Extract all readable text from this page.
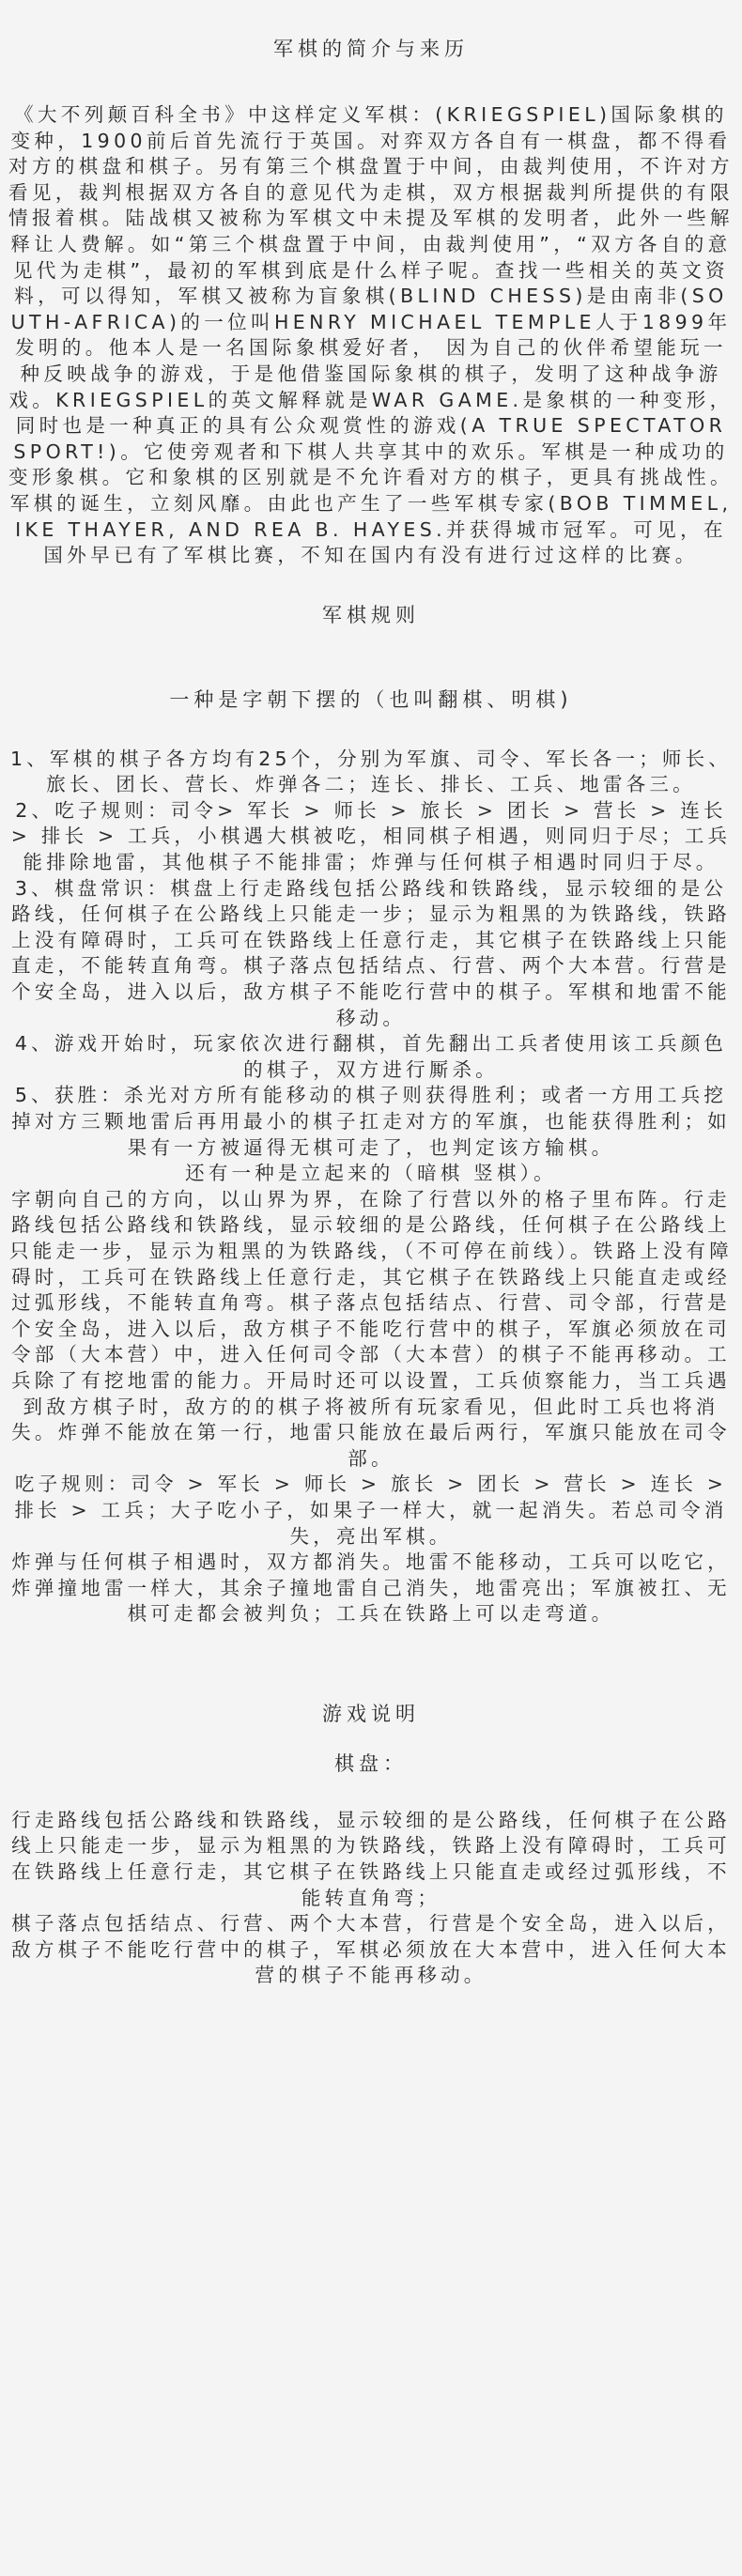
军棋的简介与来历

《大不列颠百科全书》中这样定义军棋：(KRIEGSPIEL)国际象棋的变种，1900前后首先流行于英国。对弈双方各自有一棋盘，都不得看对方的棋盘和棋子。另有第三个棋盘置于中间，由裁判使用，不许对方看见，裁判根据双方各自的意见代为走棋，双方根据裁判所提供的有限情报着棋。陆战棋又被称为军棋文中未提及军棋的发明者，此外一些解释让人费解。如“第三个棋盘置于中间，由裁判使用”，“双方各自的意见代为走棋”，最初的军棋到底是什么样子呢。查找一些相关的英文资料，可以得知，军棋又被称为盲象棋(BLIND CHESS)是由南非(SOUTH-AFRICA)的一位叫HENRY MICHAEL TEMPLE人于1899年发明的。他本人是一名国际象棋爱好者， 因为自己的伙伴希望能玩一种反映战争的游戏，于是他借鉴国际象棋的棋子，发明了这种战争游戏。KRIEGSPIEL的英文解释就是WAR GAME.是象棋的一种变形，同时也是一种真正的具有公众观赏性的游戏(A TRUE SPECTATOR SPORT!)。它使旁观者和下棋人共享其中的欢乐。军棋是一种成功的变形象棋。它和象棋的区别就是不允许看对方的棋子，更具有挑战性。

军棋的诞生，立刻风靡。由此也产生了一些军棋专家(BOB TIMMEL, IKE THAYER, AND REA B. HAYES.并获得城市冠军。可见，在国外早已有了军棋比赛，不知在国内有没有进行过这样的比赛。

军棋规则

一种是字朝下摆的（也叫翻棋、明棋)

1、军棋的棋子各方均有25个，分别为军旗、司令、军长各一；师长、旅长、团长、营长、炸弹各二；连长、排长、工兵、地雷各三。

2、吃子规则：司令> 军长 > 师长 > 旅长 > 团长 > 营长 > 连长 > 排长 > 工兵，小棋遇大棋被吃，相同棋子相遇，则同归于尽；工兵能排除地雷，其他棋子不能排雷；炸弹与任何棋子相遇时同归于尽。

3、棋盘常识：棋盘上行走路线包括公路线和铁路线，显示较细的是公路线，任何棋子在公路线上只能走一步；显示为粗黑的为铁路线，铁路上没有障碍时，工兵可在铁路线上任意行走，其它棋子在铁路线上只能直走，不能转直角弯。棋子落点包括结点、行营、两个大本营。行营是个安全岛，进入以后，敌方棋子不能吃行营中的棋子。军棋和地雷不能移动。

4、游戏开始时，玩家依次进行翻棋，首先翻出工兵者使用该工兵颜色的棋子，双方进行厮杀。

5、获胜：杀光对方所有能移动的棋子则获得胜利；或者一方用工兵挖掉对方三颗地雷后再用最小的棋子扛走对方的军旗，也能获得胜利；如果有一方被逼得无棋可走了，也判定该方输棋。

还有一种是立起来的（暗棋 竖棋）。

字朝向自己的方向，以山界为界，在除了行营以外的格子里布阵。行走路线包括公路线和铁路线，显示较细的是公路线，任何棋子在公路线上只能走一步，显示为粗黑的为铁路线，（不可停在前线）。铁路上没有障碍时，工兵可在铁路线上任意行走，其它棋子在铁路线上只能直走或经过弧形线，不能转直角弯。棋子落点包括结点、行营、司令部，行营是个安全岛，进入以后，敌方棋子不能吃行营中的棋子，军旗必须放在司令部（大本营）中，进入任何司令部（大本营）的棋子不能再移动。工兵除了有挖地雷的能力。开局时还可以设置，工兵侦察能力，当工兵遇到敌方棋子时，敌方的的棋子将被所有玩家看见，但此时工兵也将消失。炸弹不能放在第一行，地雷只能放在最后两行，军旗只能放在司令部。

吃子规则：司令 > 军长 > 师长 > 旅长 > 团长 > 营长 > 连长 > 排长 > 工兵；大子吃小子，如果子一样大，就一起消失。若总司令消失，亮出军棋。

炸弹与任何棋子相遇时，双方都消失。地雷不能移动，工兵可以吃它，炸弹撞地雷一样大，其余子撞地雷自己消失，地雷亮出；军旗被扛、无棋可走都会被判负；工兵在铁路上可以走弯道。

游戏说明

棋盘：

行走路线包括公路线和铁路线，显示较细的是公路线，任何棋子在公路线上只能走一步，显示为粗黑的为铁路线，铁路上没有障碍时，工兵可在铁路线上任意行走，其它棋子在铁路线上只能直走或经过弧形线，不能转直角弯；

棋子落点包括结点、行营、两个大本营，行营是个安全岛，进入以后，敌方棋子不能吃行营中的棋子，军棋必须放在大本营中，进入任何大本营的棋子不能再移动。
